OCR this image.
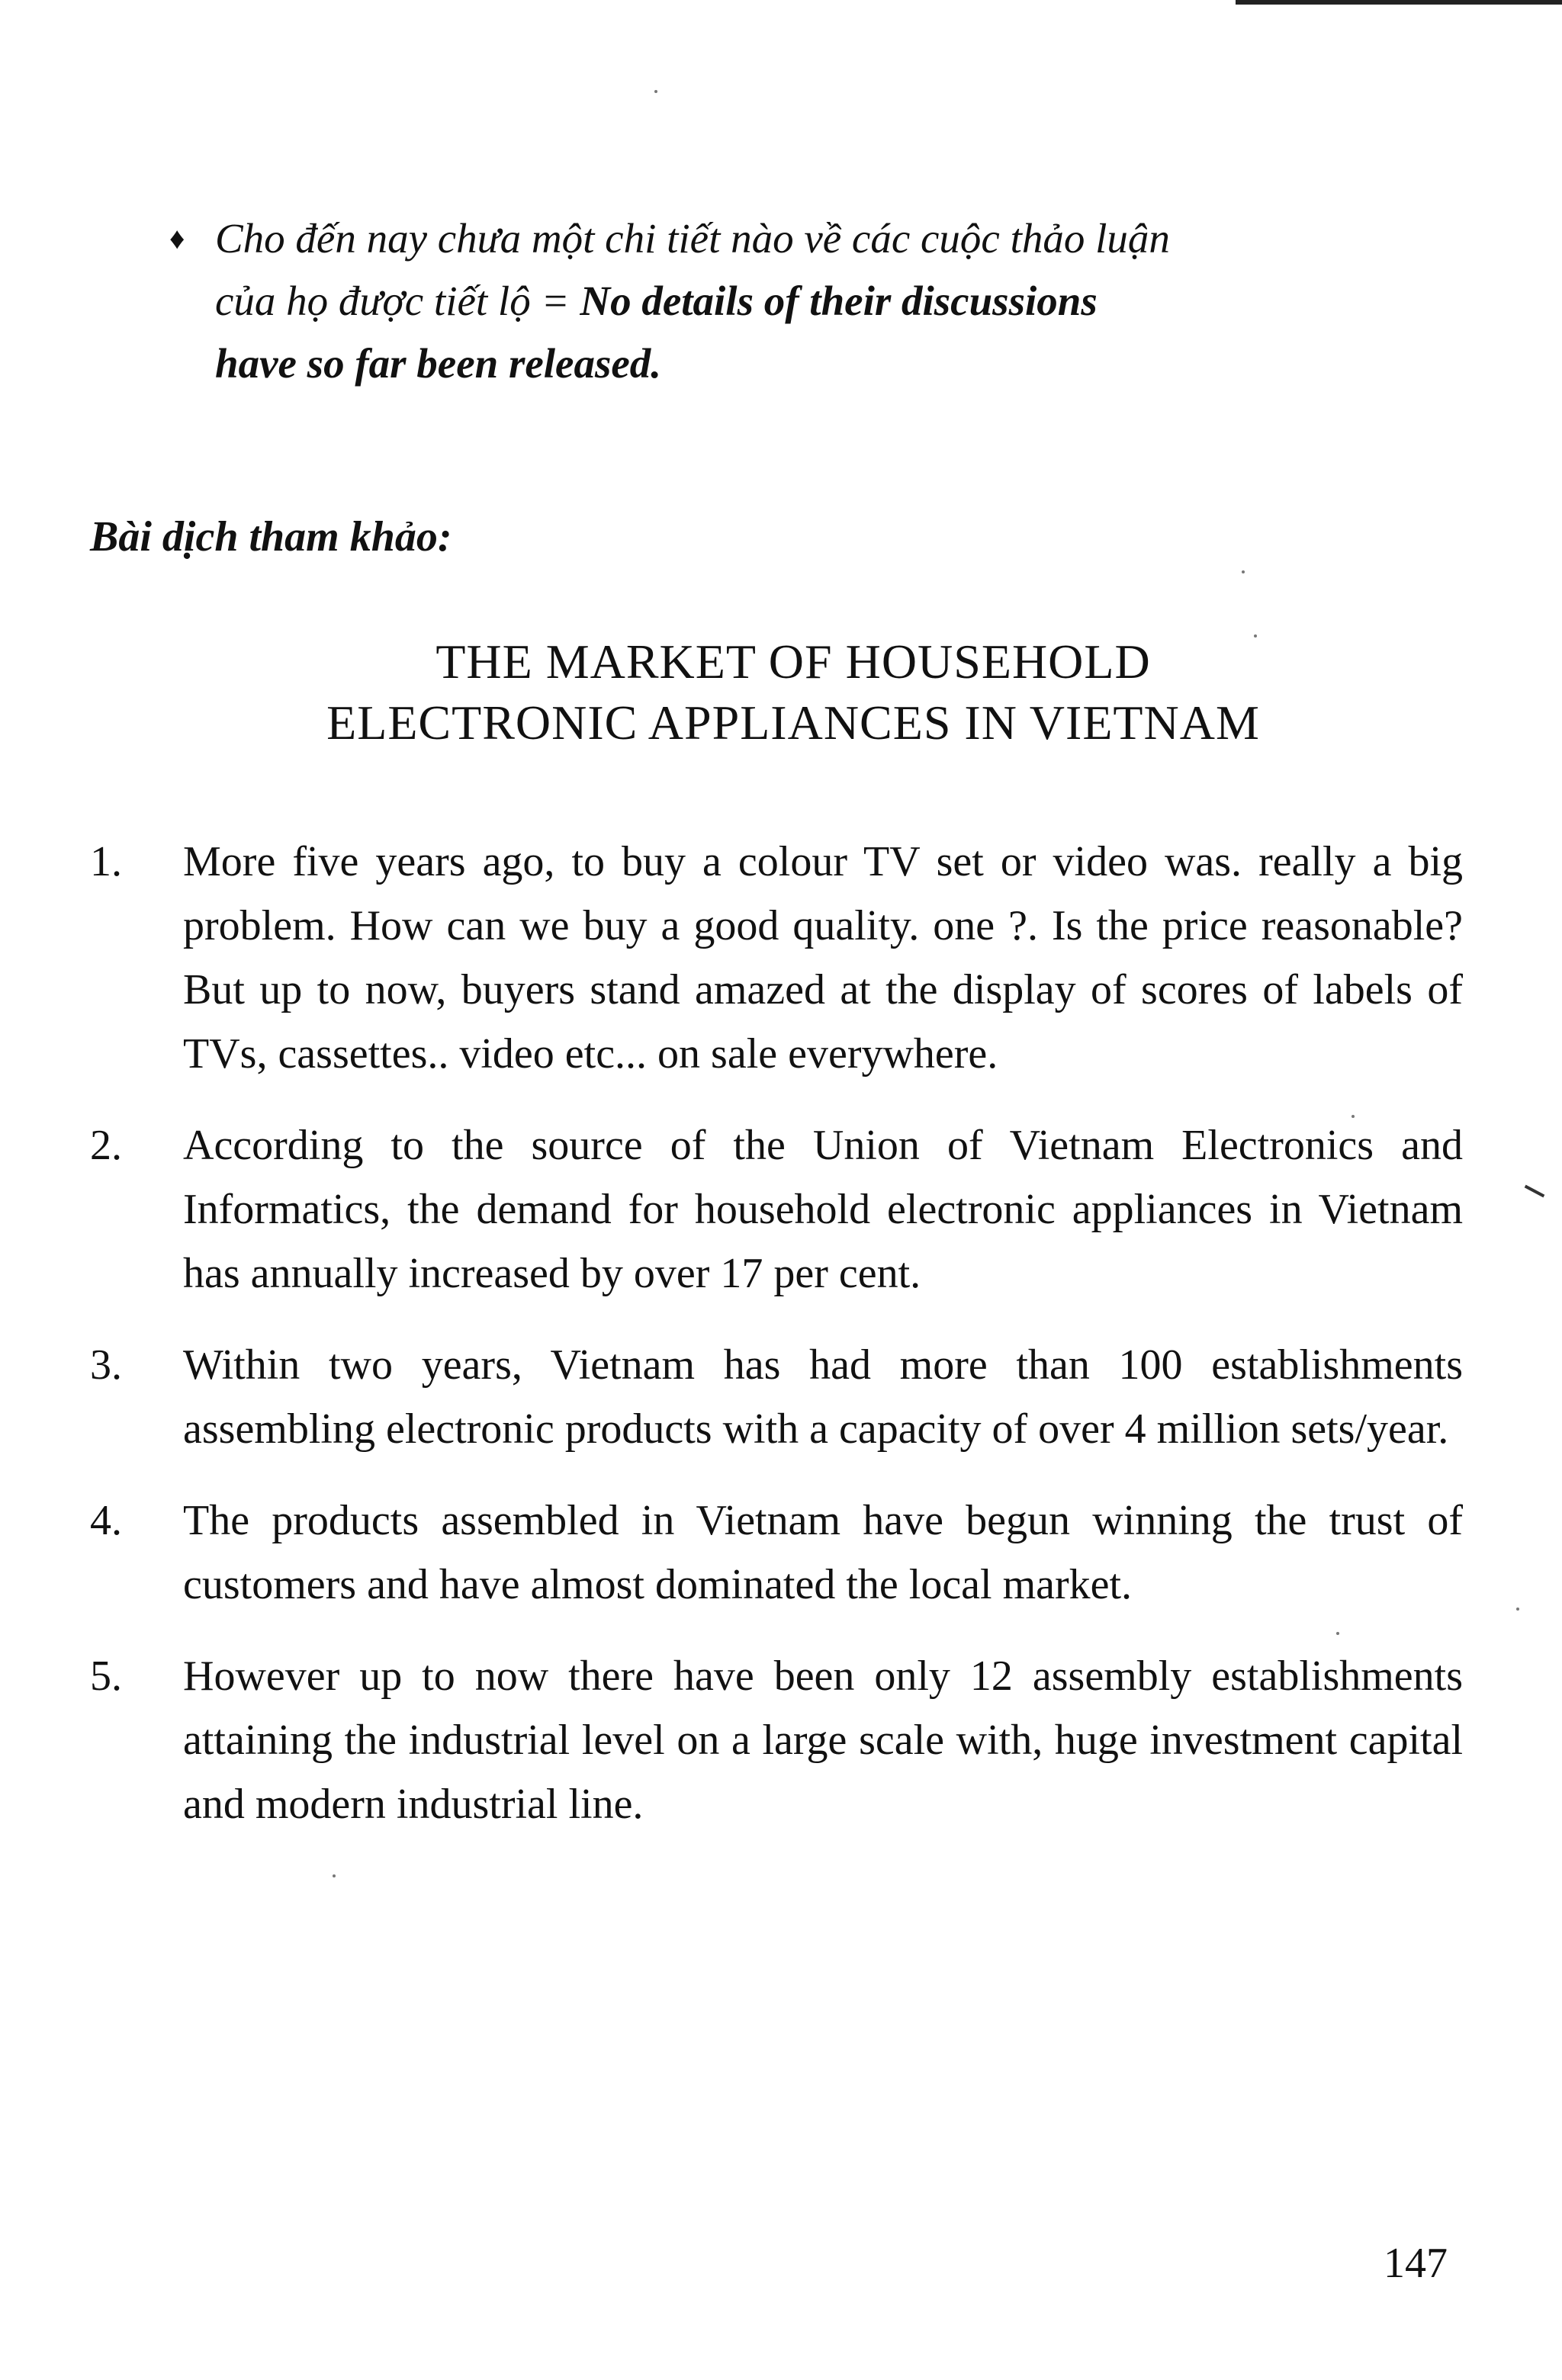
♦ Cho đến nay chưa một chi tiết nào về các cuộc thảo luận
của họ được tiết lộ = No details of their discussions
have so far been released.
Bài dịch tham khảo:
THE MARKET OF HOUSEHOLD
ELECTRONIC APPLIANCES IN VIETNAM
1. More five years ago, to buy a colour TV set or video was. really a big problem. How can we buy a good quality. one ?. Is the price reasonable? But up to now, buyers stand amazed at the display of scores of labels of TVs, cassettes.. video etc... on sale everywhere.
2. According to the source of the Union of Vietnam Electronics and Informatics, the demand for household electronic appliances in Vietnam has annually increased by over 17 per cent.
3. Within two years, Vietnam has had more than 100 establishments assembling electronic products with a capacity of over 4 million sets/year.
4. The products assembled in Vietnam have begun winning the trust of customers and have almost dominated the local market.
5. However up to now there have been only 12 assembly establishments attaining the industrial level on a large scale with, huge investment capital and modern industrial line.
147
